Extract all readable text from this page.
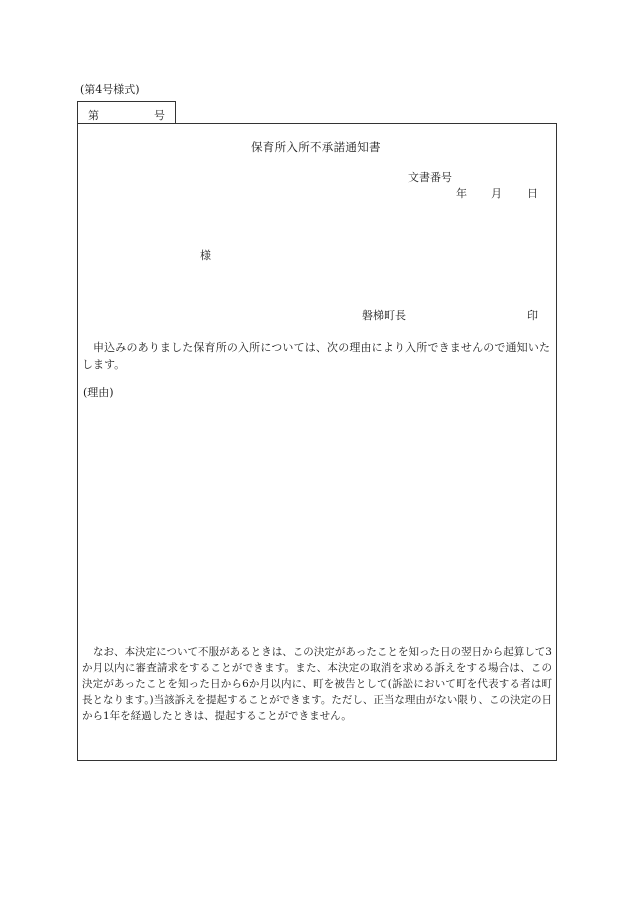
(第4号様式)
第	号
保育所入所不承諾通知書
文書番号
年 月 日
様
磐梯町長	印
申込みのありました保育所の入所については、次の理由により入所できませんので通知いたします。
(理由)
なお、本決定について不服があるときは、この決定があったことを知った日の翌日から起算して3か月以内に審査請求をすることができます。また、本決定の取消を求める訴えをする場合は、この決定があったことを知った日から6か月以内に、町を被告として(訴訟において町を代表する者は町長となります。)当該訴えを提起することができます。ただし、正当な理由がない限り、この決定の日から1年を経過したときは、提起することができません。
